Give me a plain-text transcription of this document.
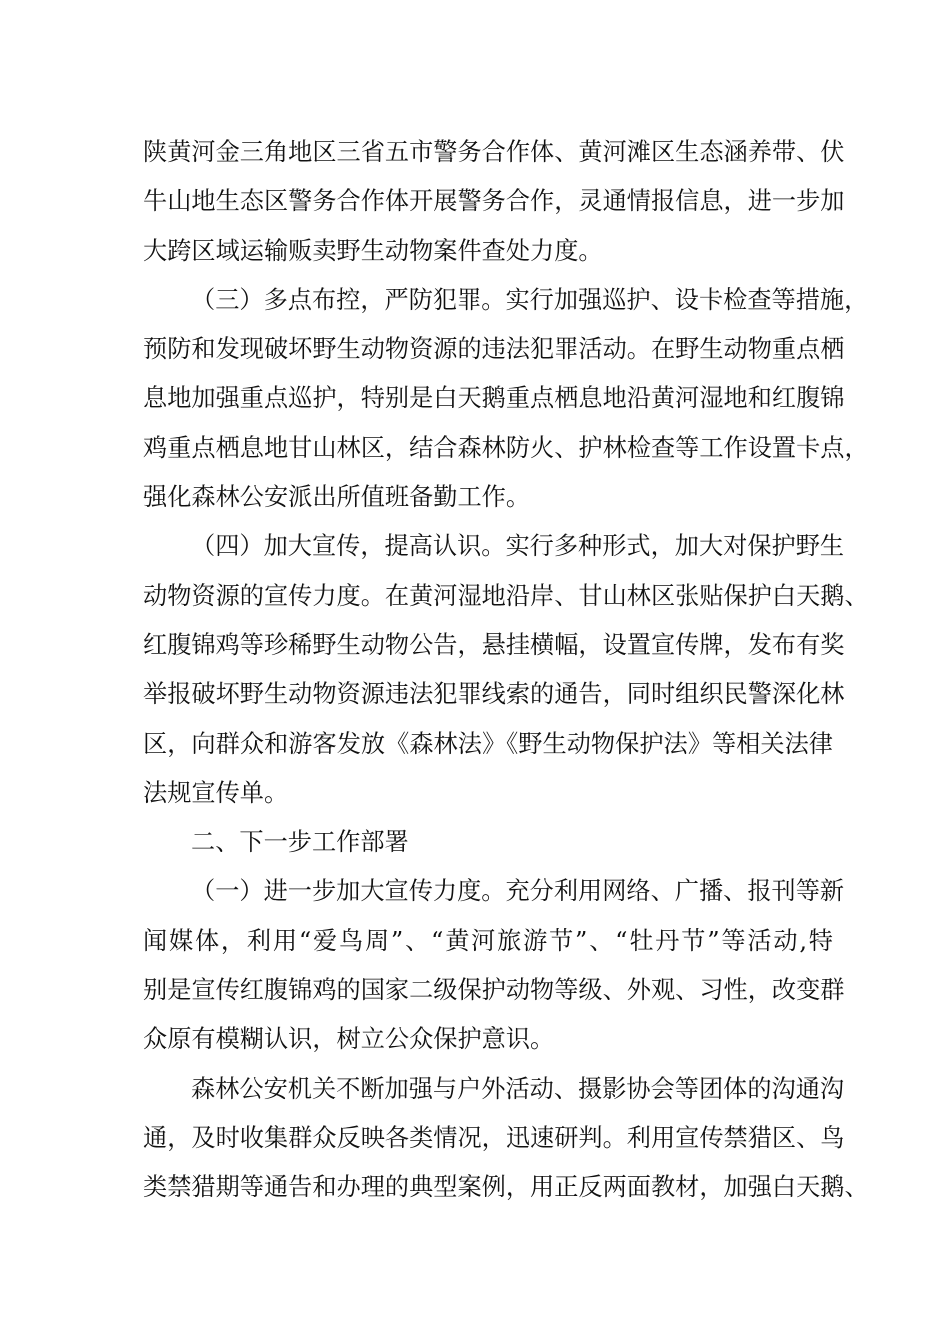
陕黄河金三角地区三省五市警务合作体、黄河滩区生态涵养带、伏
牛山地生态区警务合作体开展警务合作，灵通情报信息，进一步加
大跨区域运输贩卖野生动物案件查处力度。

（三）多点布控，严防犯罪。实行加强巡护、设卡检查等措施，
预防和发现破坏野生动物资源的违法犯罪活动。在野生动物重点栖
息地加强重点巡护，特别是白天鹅重点栖息地沿黄河湿地和红腹锦
鸡重点栖息地甘山林区，结合森林防火、护林检查等工作设置卡点，
强化森林公安派出所值班备勤工作。

（四）加大宣传，提高认识。实行多种形式，加大对保护野生
动物资源的宣传力度。在黄河湿地沿岸、甘山林区张贴保护白天鹅、
红腹锦鸡等珍稀野生动物公告，悬挂横幅，设置宣传牌，发布有奖
举报破坏野生动物资源违法犯罪线索的通告，同时组织民警深化林
区，向群众和游客发放《森林法》《野生动物保护法》等相关法律
法规宣传单。

二、下一步工作部署

（一）进一步加大宣传力度。充分利用网络、广播、报刊等新
闻媒体，利用“爱鸟周”、“黄河旅游节”、“牡丹节”等活动,特
别是宣传红腹锦鸡的国家二级保护动物等级、外观、习性，改变群
众原有模糊认识，树立公众保护意识。

森林公安机关不断加强与户外活动、摄影协会等团体的沟通沟
通，及时收集群众反映各类情况，迅速研判。利用宣传禁猎区、鸟
类禁猎期等通告和办理的典型案例，用正反两面教材，加强白天鹅、
